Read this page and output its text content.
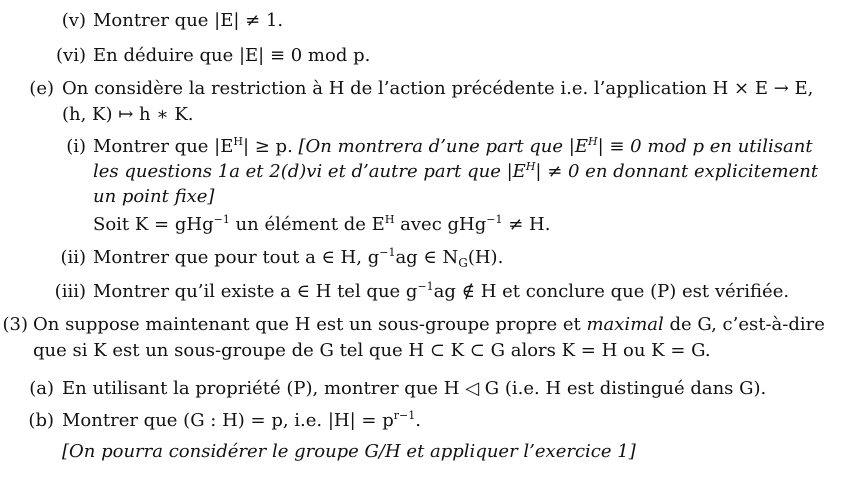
(v) Montrer que |E| ≠ 1.
(vi) En déduire que |E| ≡ 0 mod p.
(e) On considère la restriction à H de l’action précédente i.e. l’application H × E → E,
(h, K) ↦ h ∗ K.
(i) Montrer que $|E^H| \ge p$. [On montrera d’une part que $|E^H| \equiv 0$ mod p en utilisant
les questions 1a et 2(d)vi et d’autre part que $|E^H| \ne 0$ en donnant explicitement
un point fixe]
Soit K = gHg$^{-1}$ un élément de $E^H$ avec gHg$^{-1}$ ≠ H.
(ii) Montrer que pour tout a ∈ H, $g^{-1}ag$ ∈ $N_G(H)$.
(iii) Montrer qu’il existe a ∈ H tel que $g^{-1}ag$ ∉ H et conclure que (P) est vérifiée.
(3) On suppose maintenant que H est un sous-groupe propre et maximal de G, c’est-à-dire
que si K est un sous-groupe de G tel que H ⊂ K ⊂ G alors K = H ou K = G.
(a) En utilisant la propriété (P), montrer que H ◁ G (i.e. H est distingué dans G).
(b) Montrer que (G : H) = p, i.e. $|H| = p^{r-1}$.
[On pourra considérer le groupe G/H et appliquer l’exercice 1]
